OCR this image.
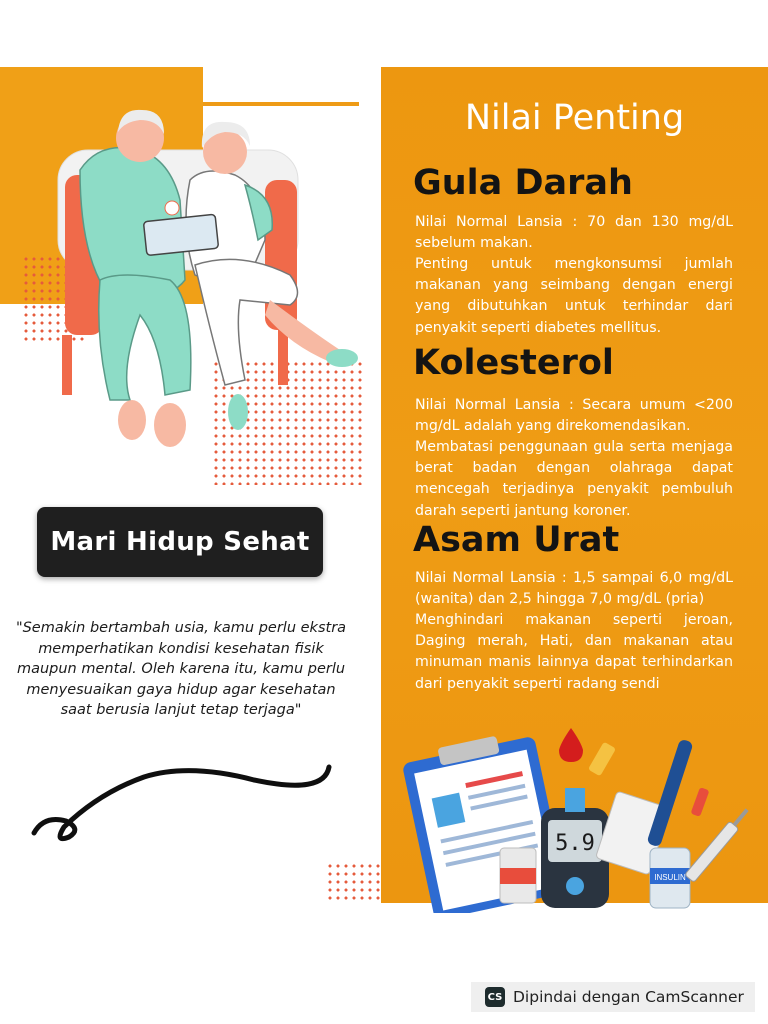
Mari Hidup Sehat
"Semakin bertambah usia, kamu perlu ekstra memperhatikan kondisi kesehatan fisik maupun mental. Oleh karena itu, kamu perlu menyesuaikan gaya hidup agar kesehatan saat berusia lanjut tetap terjaga"
Nilai Penting
Gula Darah
Nilai Normal Lansia : 70 dan 130 mg/dL sebelum makan.
Penting untuk mengkonsumsi jumlah makanan yang seimbang dengan energi yang dibutuhkan untuk terhindar dari penyakit seperti diabetes mellitus.
Kolesterol
Nilai Normal Lansia : Secara umum <200 mg/dL adalah yang direkomendasikan.
Membatasi penggunaan gula serta menjaga berat badan dengan olahraga dapat mencegah terjadinya penyakit pembuluh darah seperti jantung koroner.
Asam Urat
Nilai Normal Lansia : 1,5 sampai 6,0 mg/dL (wanita) dan 2,5 hingga 7,0 mg/dL (pria)
Menghindari makanan seperti jeroan, Daging merah, Hati, dan makanan atau minuman manis lainnya dapat terhindarkan dari penyakit seperti radang sendi
5.9
INSULIN
CS Dipindai dengan CamScanner
